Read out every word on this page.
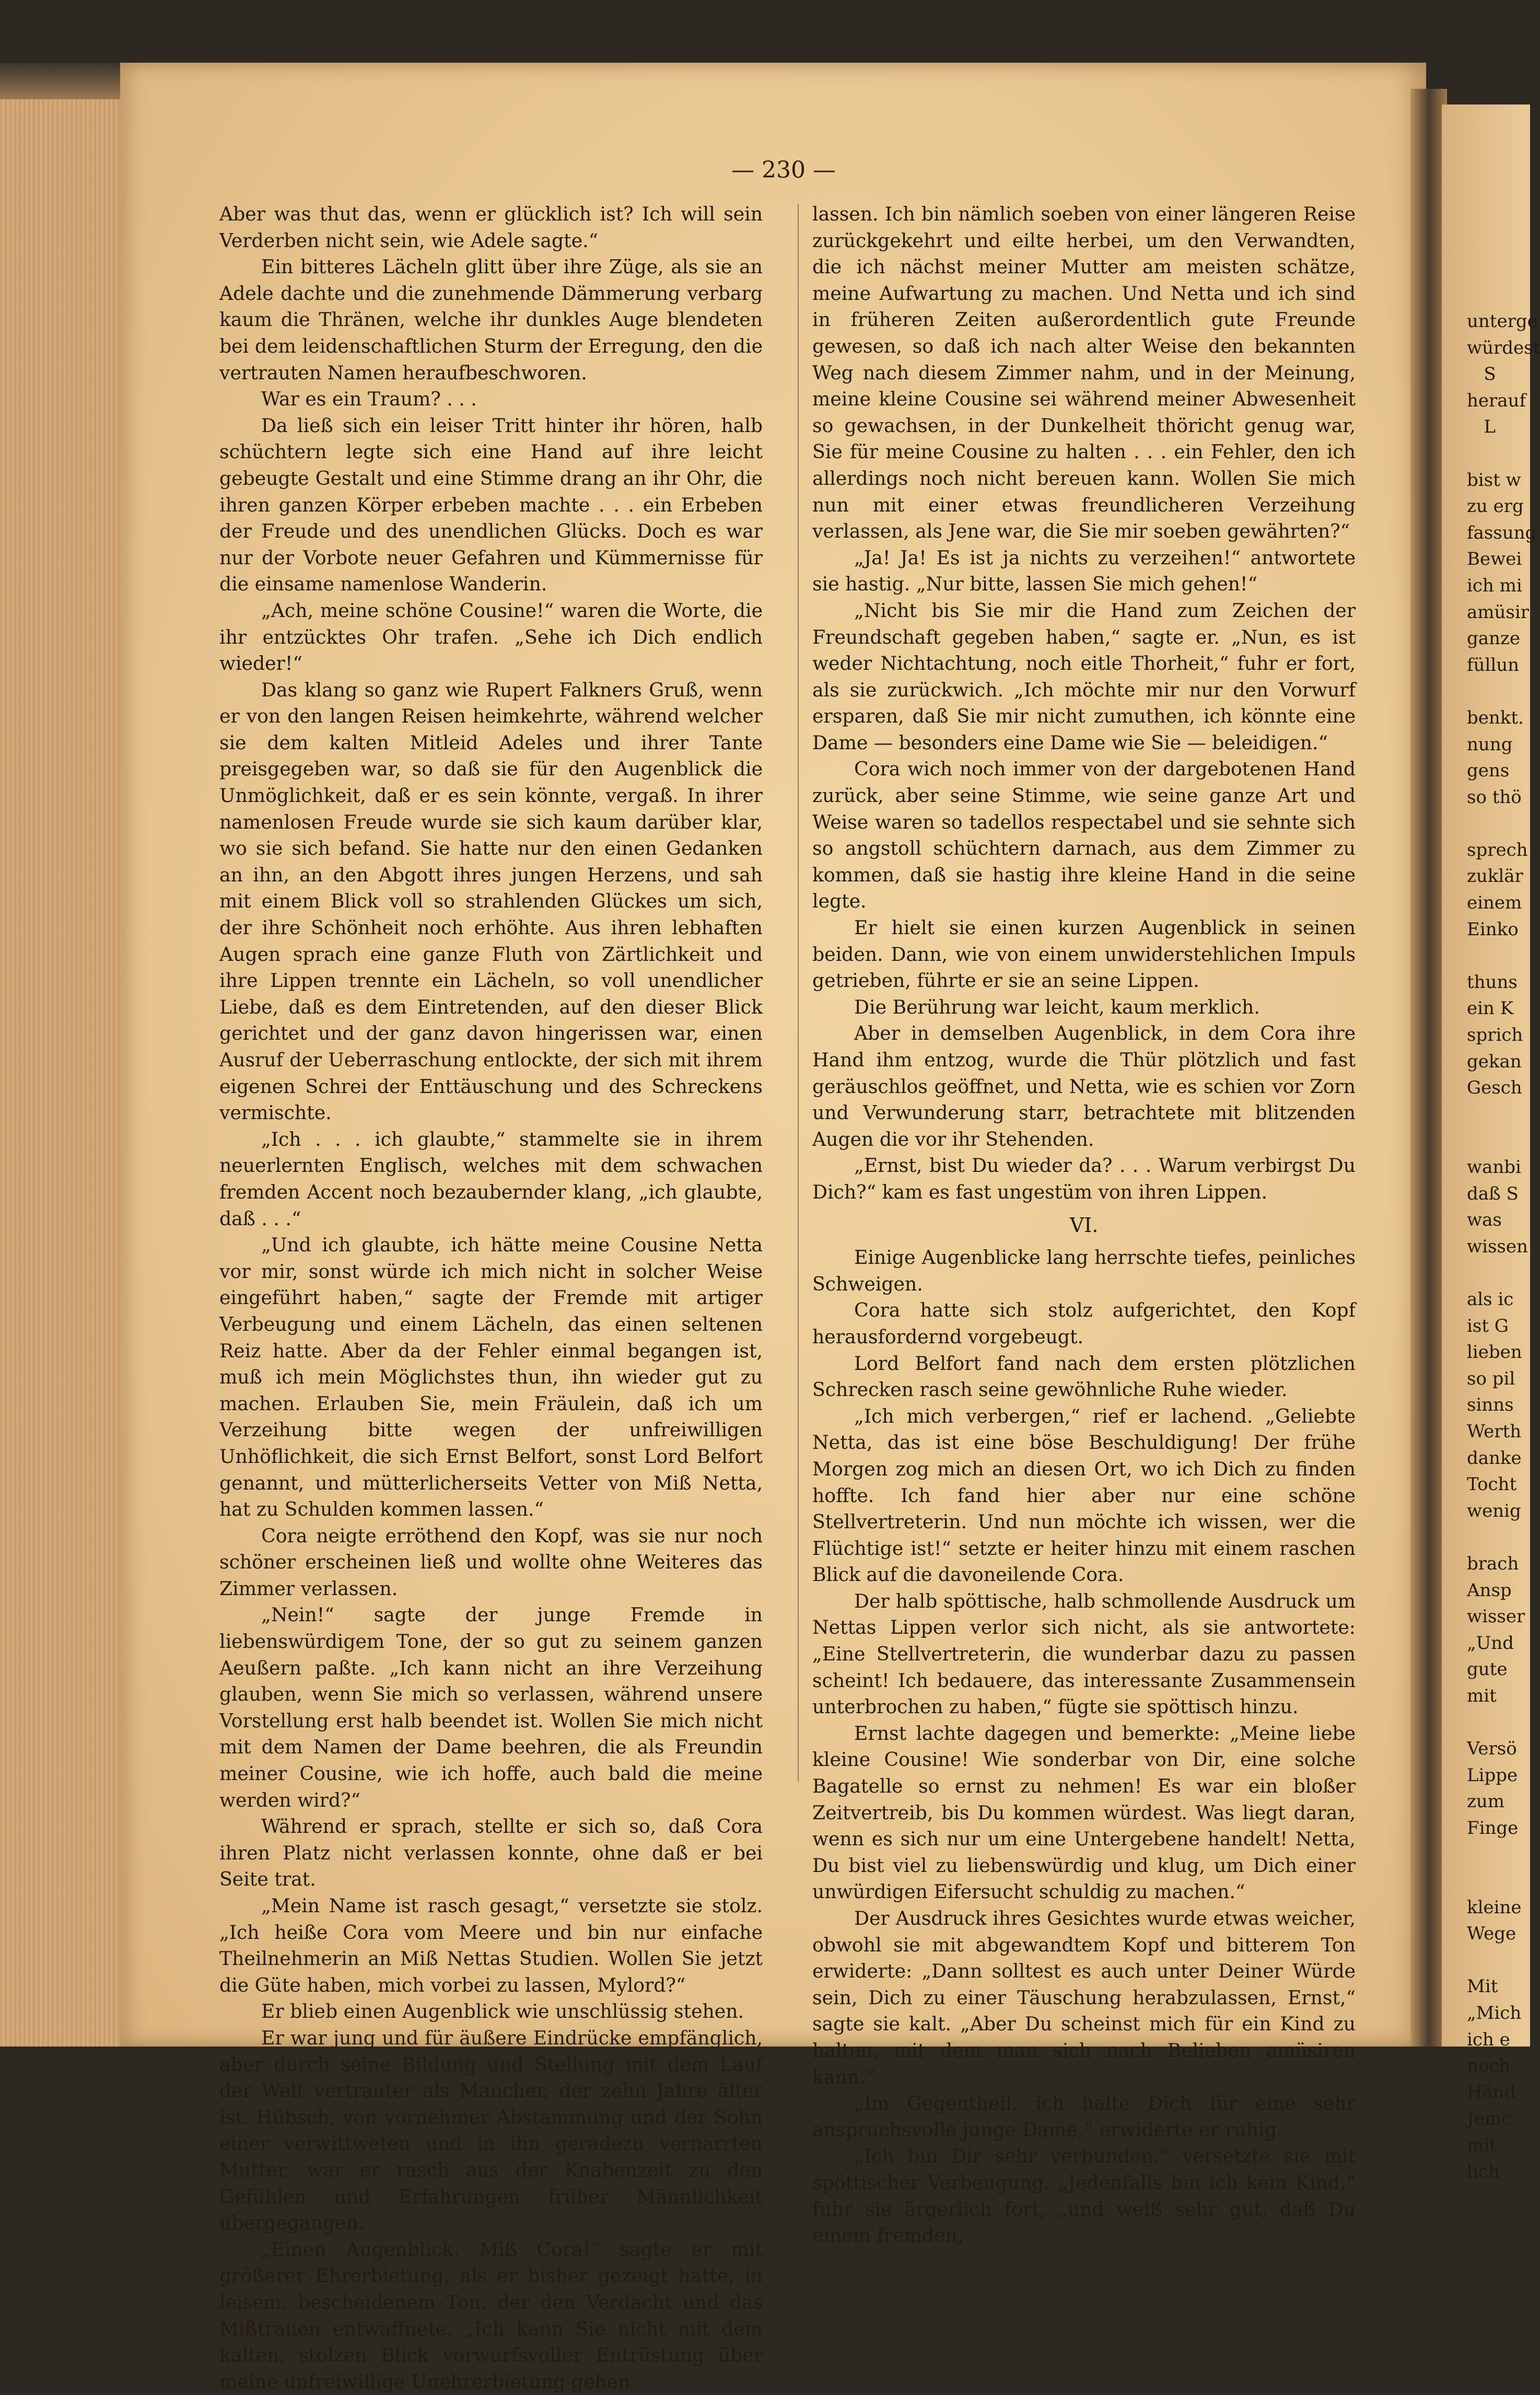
— 230 —

Aber was thut das, wenn er glücklich ist? Ich will sein Verderben nicht sein, wie Adele sagte.“

Ein bitteres Lächeln glitt über ihre Züge, als sie an Adele dachte und die zunehmende Dämmerung verbarg kaum die Thränen, welche ihr dunkles Auge blendeten bei dem leidenschaftlichen Sturm der Erregung, den die vertrauten Namen heraufbeschworen.

War es ein Traum? . . .

Da ließ sich ein leiser Tritt hinter ihr hören, halb schüchtern legte sich eine Hand auf ihre leicht gebeugte Gestalt und eine Stimme drang an ihr Ohr, die ihren ganzen Körper erbeben machte . . . ein Erbeben der Freude und des unendlichen Glücks. Doch es war nur der Vorbote neuer Gefahren und Kümmernisse für die einsame namenlose Wanderin.

„Ach, meine schöne Cousine!“ waren die Worte, die ihr entzücktes Ohr trafen. „Sehe ich Dich endlich wieder!“

Das klang so ganz wie Rupert Falkners Gruß, wenn er von den langen Reisen heimkehrte, während welcher sie dem kalten Mitleid Adeles und ihrer Tante preisgegeben war, so daß sie für den Augenblick die Unmöglichkeit, daß er es sein könnte, vergaß. In ihrer namenlosen Freude wurde sie sich kaum darüber klar, wo sie sich befand. Sie hatte nur den einen Gedanken an ihn, an den Abgott ihres jungen Herzens, und sah mit einem Blick voll so strahlenden Glückes um sich, der ihre Schönheit noch erhöhte. Aus ihren lebhaften Augen sprach eine ganze Fluth von Zärtlichkeit und ihre Lippen trennte ein Lächeln, so voll unendlicher Liebe, daß es dem Eintretenden, auf den dieser Blick gerichtet und der ganz davon hingerissen war, einen Ausruf der Ueberraschung entlockte, der sich mit ihrem eigenen Schrei der Enttäuschung und des Schreckens vermischte.

„Ich . . . ich glaubte,“ stammelte sie in ihrem neuerlernten Englisch, welches mit dem schwachen fremden Accent noch bezaubernder klang, „ich glaubte, daß . . .“

„Und ich glaubte, ich hätte meine Cousine Netta vor mir, sonst würde ich mich nicht in solcher Weise eingeführt haben,“ sagte der Fremde mit artiger Verbeugung und einem Lächeln, das einen seltenen Reiz hatte. Aber da der Fehler einmal begangen ist, muß ich mein Möglichstes thun, ihn wieder gut zu machen. Erlauben Sie, mein Fräulein, daß ich um Verzeihung bitte wegen der unfreiwilligen Unhöflichkeit, die sich Ernst Belfort, sonst Lord Belfort genannt, und mütterlicherseits Vetter von Miß Netta, hat zu Schulden kommen lassen.“

Cora neigte erröthend den Kopf, was sie nur noch schöner erscheinen ließ und wollte ohne Weiteres das Zimmer verlassen.

„Nein!“ sagte der junge Fremde in liebenswürdigem Tone, der so gut zu seinem ganzen Aeußern paßte. „Ich kann nicht an ihre Verzeihung glauben, wenn Sie mich so verlassen, während unsere Vorstellung erst halb beendet ist. Wollen Sie mich nicht mit dem Namen der Dame beehren, die als Freundin meiner Cousine, wie ich hoffe, auch bald die meine werden wird?“

Während er sprach, stellte er sich so, daß Cora ihren Platz nicht verlassen konnte, ohne daß er bei Seite trat.

„Mein Name ist rasch gesagt,“ versetzte sie stolz. „Ich heiße Cora vom Meere und bin nur einfache Theilnehmerin an Miß Nettas Studien. Wollen Sie jetzt die Güte haben, mich vorbei zu lassen, Mylord?“

Er blieb einen Augenblick wie unschlüssig stehen.

Er war jung und für äußere Eindrücke empfänglich, aber durch seine Bildung und Stellung mit dem Lauf der Welt vertrauter als Mancher, der zehn Jahre älter ist. Hübsch, von vornehmer Abstammung und der Sohn einer verwittweten und in ihn geradezu vernarrten Mutter, war er rasch aus der Knabenzeit zu den Gefühlen und Erfahrungen früher Männlichkeit übergegangen.

„Einen Augenblick, Miß Cora!“ sagte er mit größerer Ehrerbietung, als er bisher gezeigt hatte, in leisem, bescheidenem Ton, der den Verdacht und das Mißtrauen entwaffnete. „Ich kann Sie nicht mit dem kalten, stolzen Blick vorwurfsvoller Entrüstung über meine unfreiwillige Unehrerbietung gehen

lassen. Ich bin nämlich soeben von einer längeren Reise zurückgekehrt und eilte herbei, um den Verwandten, die ich nächst meiner Mutter am meisten schätze, meine Aufwartung zu machen. Und Netta und ich sind in früheren Zeiten außerordentlich gute Freunde gewesen, so daß ich nach alter Weise den bekannten Weg nach diesem Zimmer nahm, und in der Meinung, meine kleine Cousine sei während meiner Abwesenheit so gewachsen, in der Dunkelheit thöricht genug war, Sie für meine Cousine zu halten . . . ein Fehler, den ich allerdings noch nicht bereuen kann. Wollen Sie mich nun mit einer etwas freundlicheren Verzeihung verlassen, als Jene war, die Sie mir soeben gewährten?“

„Ja! Ja! Es ist ja nichts zu verzeihen!“ antwortete sie hastig. „Nur bitte, lassen Sie mich gehen!“

„Nicht bis Sie mir die Hand zum Zeichen der Freundschaft gegeben haben,“ sagte er. „Nun, es ist weder Nichtachtung, noch eitle Thorheit,“ fuhr er fort, als sie zurückwich. „Ich möchte mir nur den Vorwurf ersparen, daß Sie mir nicht zumuthen, ich könnte eine Dame — besonders eine Dame wie Sie — beleidigen.“

Cora wich noch immer von der dargebotenen Hand zurück, aber seine Stimme, wie seine ganze Art und Weise waren so tadellos respectabel und sie sehnte sich so angstoll schüchtern darnach, aus dem Zimmer zu kommen, daß sie hastig ihre kleine Hand in die seine legte.

Er hielt sie einen kurzen Augenblick in seinen beiden. Dann, wie von einem unwiderstehlichen Impuls getrieben, führte er sie an seine Lippen.

Die Berührung war leicht, kaum merklich.

Aber in demselben Augenblick, in dem Cora ihre Hand ihm entzog, wurde die Thür plötzlich und fast geräuschlos geöffnet, und Netta, wie es schien vor Zorn und Verwunderung starr, betrachtete mit blitzenden Augen die vor ihr Stehenden.

„Ernst, bist Du wieder da? . . . Warum verbirgst Du Dich?“ kam es fast ungestüm von ihren Lippen.

VI.

Einige Augenblicke lang herrschte tiefes, peinliches Schweigen.

Cora hatte sich stolz aufgerichtet, den Kopf herausfordernd vorgebeugt.

Lord Belfort fand nach dem ersten plötzlichen Schrecken rasch seine gewöhnliche Ruhe wieder.

„Ich mich verbergen,“ rief er lachend. „Geliebte Netta, das ist eine böse Beschuldigung! Der frühe Morgen zog mich an diesen Ort, wo ich Dich zu finden hoffte. Ich fand hier aber nur eine schöne Stellvertreterin. Und nun möchte ich wissen, wer die Flüchtige ist!“ setzte er heiter hinzu mit einem raschen Blick auf die davoneilende Cora.

Der halb spöttische, halb schmollende Ausdruck um Nettas Lippen verlor sich nicht, als sie antwortete: „Eine Stellvertreterin, die wunderbar dazu zu passen scheint! Ich bedauere, das interessante Zusammensein unterbrochen zu haben,“ fügte sie spöttisch hinzu.

Ernst lachte dagegen und bemerkte: „Meine liebe kleine Cousine! Wie sonderbar von Dir, eine solche Bagatelle so ernst zu nehmen! Es war ein bloßer Zeitvertreib, bis Du kommen würdest. Was liegt daran, wenn es sich nur um eine Untergebene handelt! Netta, Du bist viel zu liebenswürdig und klug, um Dich einer unwürdigen Eifersucht schuldig zu machen.“

Der Ausdruck ihres Gesichtes wurde etwas weicher, obwohl sie mit abgewandtem Kopf und bitterem Ton erwiderte: „Dann solltest es auch unter Deiner Würde sein, Dich zu einer Täuschung herabzulassen, Ernst,“ sagte sie kalt. „Aber Du scheinst mich für ein Kind zu halten, mit dem man sich nach Belieben amüsiren kann.“

„Im Gegentheil, ich halte Dich für eine sehr anspruchsvolle junge Dame,“ erwiderte er ruhig.

„Ich bin Dir sehr verbunden,“ versetzte sie mit spöttischer Verbeugung. „Jedenfalls bin ich kein Kind,“ fuhr sie ärgerlich fort, „und weiß sehr gut, daß Du einem fremden,

unterge
würdest
S
herauf
L

bist w
zu erg
fassung
Bewei
ich mi
amüsir
ganze
füllun

benkt.
nung
gens
so thö

sprech
zuklär
einem
Einko

thuns
ein K
sprich
gekan
Gesch

wanbi
daß S
was
wissen

als ic
ist G
lieben
so pil
sinns
Werth
danke
Tocht
wenig

brach
Ansp
wisser
„Und
gute
mit

Versö
Lippe
zum
Finge

kleine
Wege

Mit
„Mich
ich e
noch
Händ
Jemc
mit
lich
